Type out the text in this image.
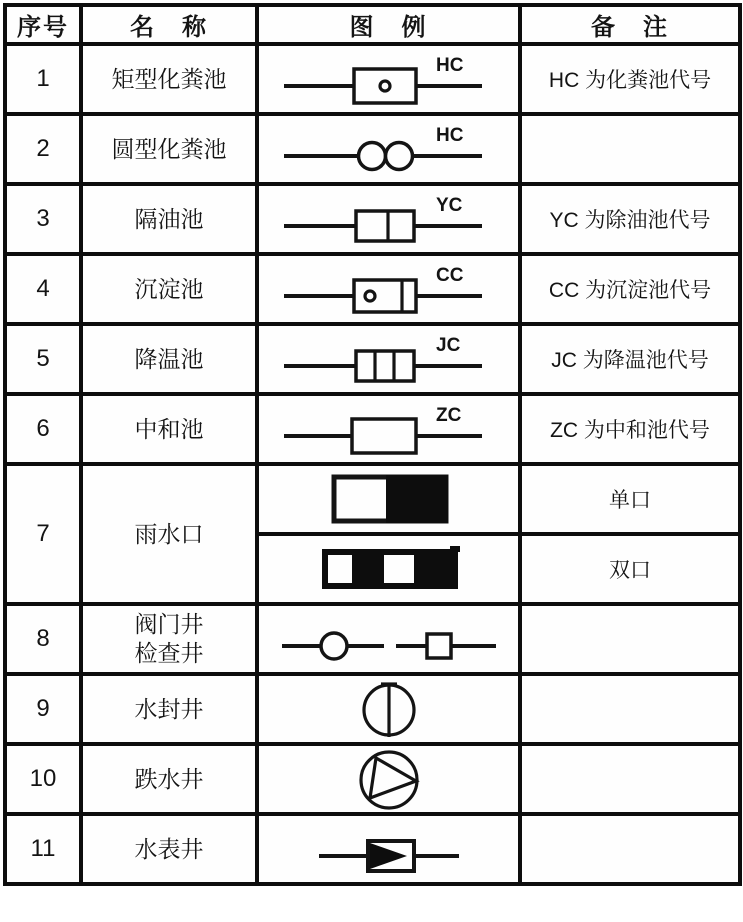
序号	名　称	图　例	备　注
1	矩型化粪池	HC	HC 为化粪池代号
2	圆型化粪池	HC	

3	隔油池	YC	YC 为除油池代号
4	沉淀池	CC	CC 为沉淀池代号
5	降温池	JC	JC 为降温池代号
6	中和池	ZC	ZC 为中和池代号
7	雨水口		单口

	双口
8	阀门井
检查井

9	水封井	

10	跌水井	

11	水表井	
